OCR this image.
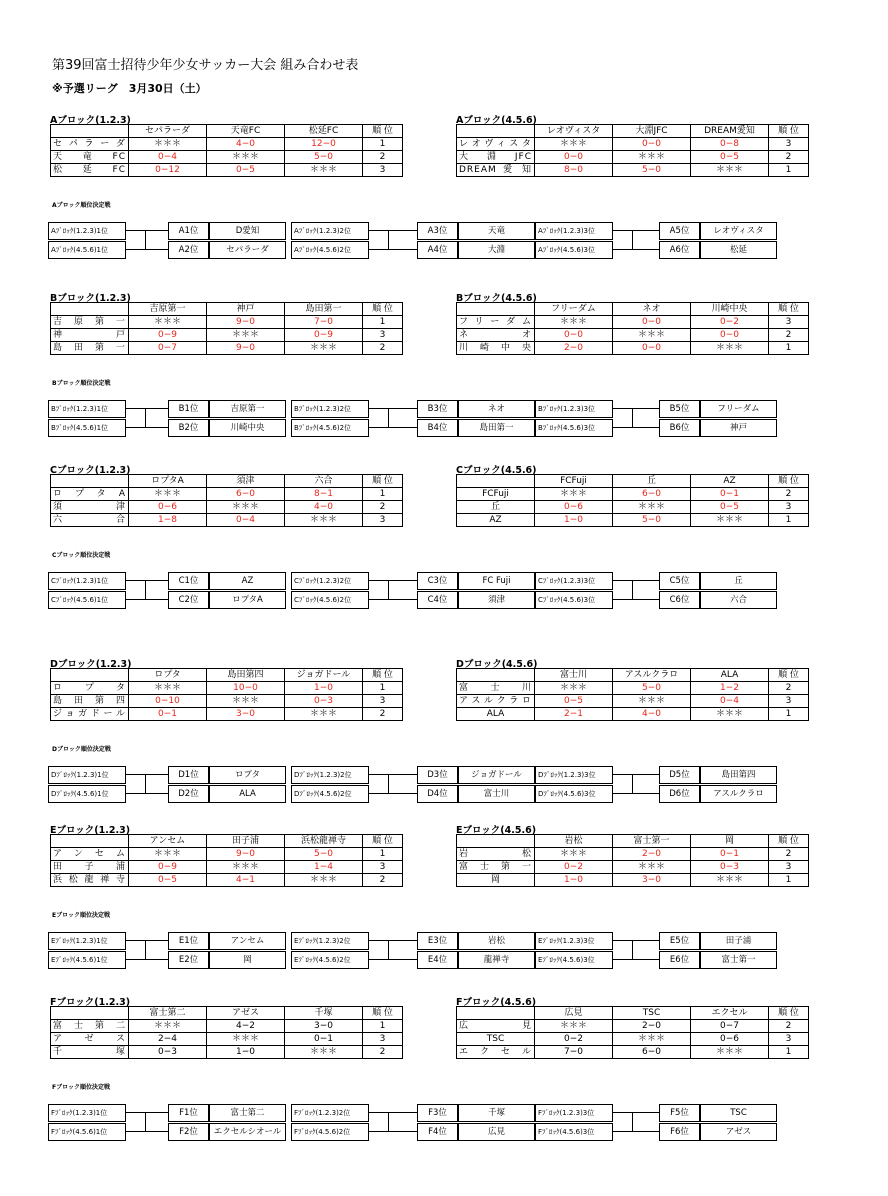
第39回富士招待少年少女サッカー大会 組み合わせ表
※予選リーグ　3月30日（土）
Aブロック(1.2.3)
	セパラーダ	天竜FC	松延FC	順 位
セパラーダ	＊＊＊	4−0	12−0	1
天竜FC	0−4	＊＊＊	5−0	2
松延FC	0−12	0−5	＊＊＊	3
Aブロック(4.5.6)
	レオヴィスタ	大淵JFC	DREAM愛知	順 位
レオヴィスタ	＊＊＊	0−0	0−8	3
大淵JFC	0−0	＊＊＊	0−5	2
DREAM 愛 知	8−0	5−0	＊＊＊	1
Aブロック順位決定戦
Aﾌﾞﾛｯｸ(1.2.3)1位	A1位	D愛知
Aﾌﾞﾛｯｸ(4.5.6)1位	A2位	セパラーダ
Aﾌﾞﾛｯｸ(1.2.3)2位	A3位	天竜
Aﾌﾞﾛｯｸ(4.5.6)2位	A4位	大淵
Aﾌﾞﾛｯｸ(1.2.3)3位	A5位	レオヴィスタ
Aﾌﾞﾛｯｸ(4.5.6)3位	A6位	松延
Bブロック(1.2.3)
	吉原第一	神戸	島田第一	順 位
吉原第一	＊＊＊	9−0	7−0	1
神戸	0−9	＊＊＊	0−9	3
島田第一	0−7	9−0	＊＊＊	2
Bブロック(4.5.6)
	フリーダム	ネオ	川崎中央	順 位
フリーダム	＊＊＊	0−0	0−2	3
ネオ	0−0	＊＊＊	0−0	2
川崎中央	2−0	0−0	＊＊＊	1
Bブロック順位決定戦
Bﾌﾞﾛｯｸ(1.2.3)1位	B1位	吉原第一
Bﾌﾞﾛｯｸ(4.5.6)1位	B2位	川崎中央
Bﾌﾞﾛｯｸ(1.2.3)2位	B3位	ネオ
Bﾌﾞﾛｯｸ(4.5.6)2位	B4位	島田第一
Bﾌﾞﾛｯｸ(1.2.3)3位	B5位	フリーダム
Bﾌﾞﾛｯｸ(4.5.6)3位	B6位	神戸
Cブロック(1.2.3)
	ロプタA	須津	六合	順 位
ロプタA	＊＊＊	6−0	8−1	1
須津	0−6	＊＊＊	4−0	2
六合	1−8	0−4	＊＊＊	3
Cブロック(4.5.6)
	FCFuji	丘	AZ	順 位
FCFuji	＊＊＊	6−0	0−1	2
丘	0−6	＊＊＊	0−5	3
AZ	1−0	5−0	＊＊＊	1
Cブロック順位決定戦
Cﾌﾞﾛｯｸ(1.2.3)1位	C1位	AZ
Cﾌﾞﾛｯｸ(4.5.6)1位	C2位	ロプタA
Cﾌﾞﾛｯｸ(1.2.3)2位	C3位	FC Fuji
Cﾌﾞﾛｯｸ(4.5.6)2位	C4位	須津
Cﾌﾞﾛｯｸ(1.2.3)3位	C5位	丘
Cﾌﾞﾛｯｸ(4.5.6)3位	C6位	六合
Dブロック(1.2.3)
	ロプタ	島田第四	ジョガドール	順 位
ロプタ	＊＊＊	10−0	1−0	1
島田第四	0−10	＊＊＊	0−3	3
ジョガドール	0−1	3−0	＊＊＊	2
Dブロック(4.5.6)
	富士川	アスルクラロ	ALA	順 位
富士川	＊＊＊	5−0	1−2	2
アスルクラロ	0−5	＊＊＊	0−4	3
ALA	2−1	4−0	＊＊＊	1
Dブロック順位決定戦
Dﾌﾞﾛｯｸ(1.2.3)1位	D1位	ロプタ
Dﾌﾞﾛｯｸ(4.5.6)1位	D2位	ALA
Dﾌﾞﾛｯｸ(1.2.3)2位	D3位	ジョガドール
Dﾌﾞﾛｯｸ(4.5.6)2位	D4位	富士川
Dﾌﾞﾛｯｸ(1.2.3)3位	D5位	島田第四
Dﾌﾞﾛｯｸ(4.5.6)3位	D6位	アスルクラロ
Eブロック(1.2.3)
	アンセム	田子浦	浜松龍禅寺	順 位
アンセム	＊＊＊	9−0	5−0	1
田子浦	0−9	＊＊＊	1−4	3
浜松龍禅寺	0−5	4−1	＊＊＊	2
Eブロック(4.5.6)
	岩松	富士第一	岡	順 位
岩松	＊＊＊	2−0	0−1	2
富士第一	0−2	＊＊＊	0−3	3
岡	1−0	3−0	＊＊＊	1
Eブロック順位決定戦
Eﾌﾞﾛｯｸ(1.2.3)1位	E1位	アンセム
Eﾌﾞﾛｯｸ(4.5.6)1位	E2位	岡
Eﾌﾞﾛｯｸ(1.2.3)2位	E3位	岩松
Eﾌﾞﾛｯｸ(4.5.6)2位	E4位	龍禅寺
Eﾌﾞﾛｯｸ(1.2.3)3位	E5位	田子浦
Eﾌﾞﾛｯｸ(4.5.6)3位	E6位	富士第一
Fブロック(1.2.3)
	富士第二	アゼス	千塚	順 位
富士第二	＊＊＊	4−2	3−0	1
アゼス	2−4	＊＊＊	0−1	3
千塚	0−3	1−0	＊＊＊	2
Fブロック(4.5.6)
	広見	TSC	エクセル	順 位
広見	＊＊＊	2−0	0−7	2
TSC	0−2	＊＊＊	0−6	3
エクセル	7−0	6−0	＊＊＊	1
Fブロック順位決定戦
Fﾌﾞﾛｯｸ(1.2.3)1位	F1位	富士第二
Fﾌﾞﾛｯｸ(4.5.6)1位	F2位	エクセルシオール
Fﾌﾞﾛｯｸ(1.2.3)2位	F3位	千塚
Fﾌﾞﾛｯｸ(4.5.6)2位	F4位	広見
Fﾌﾞﾛｯｸ(1.2.3)3位	F5位	TSC
Fﾌﾞﾛｯｸ(4.5.6)3位	F6位	アゼス
